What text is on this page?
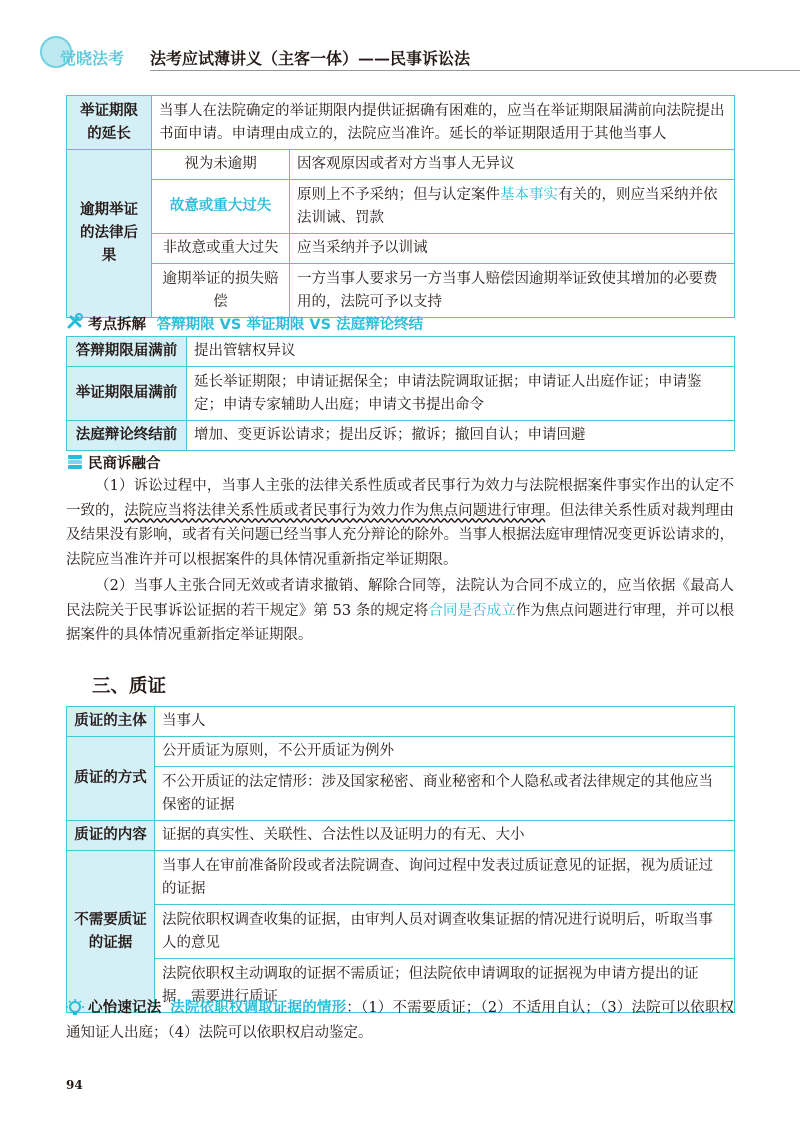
觉晓法考 法考应试薄讲义（主客一体）——民事诉讼法
举证期限的延长	当事人在法院确定的举证期限内提供证据确有困难的，应当在举证期限届满前向法院提出书面申请。申请理由成立的，法院应当准许。延长的举证期限适用于其他当事人	
逾期举证的法律后果	视为未逾期	因客观原因或者对方当事人无异议
	故意或重大过失	原则上不予采纳；但与认定案件基本事实有关的，则应当采纳并依法训诫、罚款
	非故意或重大过失	应当采纳并予以训诫
	逾期举证的损失赔偿	一方当事人要求另一方当事人赔偿因逾期举证致使其增加的必要费用的，法院可予以支持
考点拆解 答辩期限 VS 举证期限 VS 法庭辩论终结
答辩期限届满前	提出管辖权异议
举证期限届满前	延长举证期限；申请证据保全；申请法院调取证据；申请证人出庭作证；申请鉴定；申请专家辅助人出庭；申请文书提出命令
法庭辩论终结前	增加、变更诉讼请求；提出反诉；撤诉；撤回自认；申请回避
民商诉融合
（1）诉讼过程中，当事人主张的法律关系性质或者民事行为效力与法院根据案件事实作出的认定不一致的，法院应当将法律关系性质或者民事行为效力作为焦点问题进行审理。但法律关系性质对裁判理由及结果没有影响，或者有关问题已经当事人充分辩论的除外。当事人根据法庭审理情况变更诉讼请求的，法院应当准许并可以根据案件的具体情况重新指定举证期限。
（2）当事人主张合同无效或者请求撤销、解除合同等，法院认为合同不成立的，应当依据《最高人民法院关于民事诉讼证据的若干规定》第 53 条的规定将合同是否成立作为焦点问题进行审理，并可以根据案件的具体情况重新指定举证期限。
三、质证
质证的主体	当事人
质证的方式	公开质证为原则，不公开质证为例外
	不公开质证的法定情形：涉及国家秘密、商业秘密和个人隐私或者法律规定的其他应当保密的证据
质证的内容	证据的真实性、关联性、合法性以及证明力的有无、大小
不需要质证的证据	当事人在审前准备阶段或者法院调查、询问过程中发表过质证意见的证据，视为质证过的证据
	法院依职权调查收集的证据，由审判人员对调查收集证据的情况进行说明后，听取当事人的意见
	法院依职权主动调取的证据不需质证；但法院依申请调取的证据视为申请方提出的证据，需要进行质证
心怡速记法 法院依职权调取证据的情形：（1）不需要质证；（2）不适用自认；（3）法院可以依职权通知证人出庭；（4）法院可以依职权启动鉴定。
94
